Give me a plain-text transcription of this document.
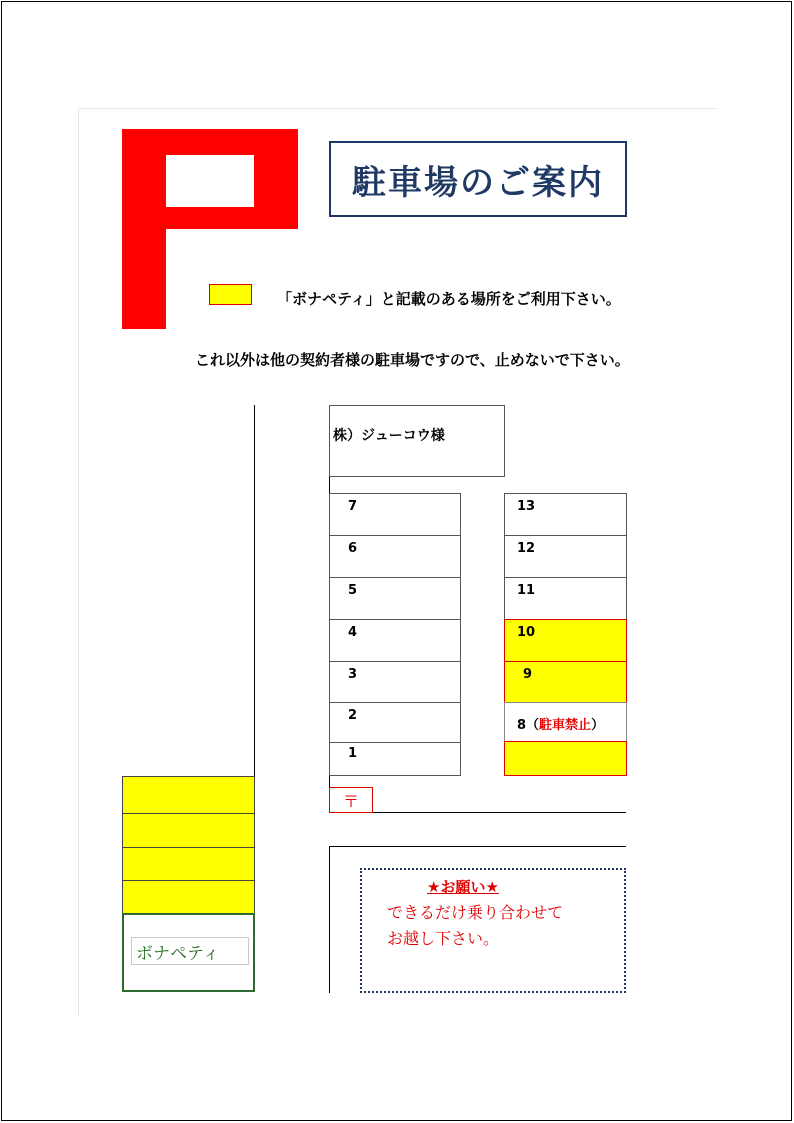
駐車場のご案内
「ボナペティ」と記載のある場所をご利用下さい。
これ以外は他の契約者様の駐車場ですので、止めないで下さい。
株）ジューコウ様
7
6
5
4
3
2
1
13
12
11
10
9
8（駐車禁止）
〒
ボナペティ
★お願い★
できるだけ乗り合わせて
お越し下さい。
